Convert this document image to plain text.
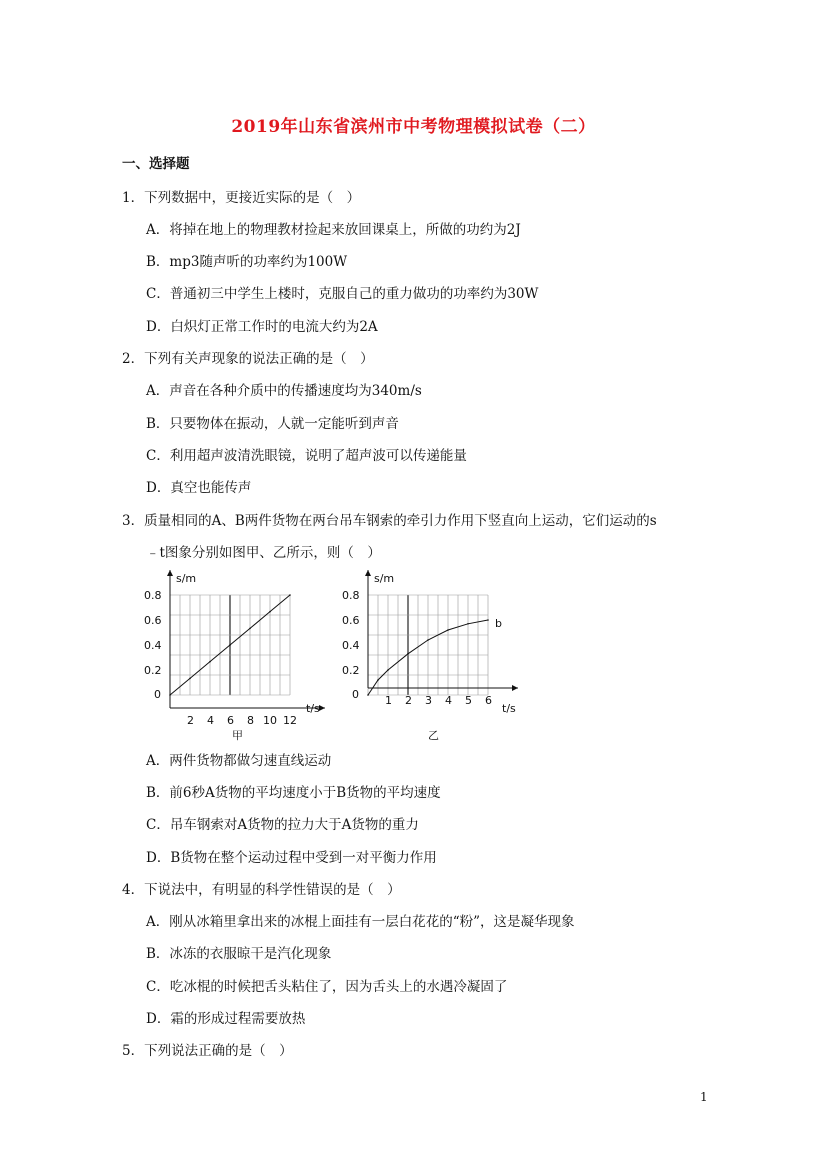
2019年山东省滨州市中考物理模拟试卷（二）
一、选择题
1．下列数据中，更接近实际的是（　）
A．将掉在地上的物理教材捡起来放回课桌上，所做的功约为2J
B．mp3随声听的功率约为100W
C．普通初三中学生上楼时，克服自己的重力做功的功率约为30W
D．白炽灯正常工作时的电流大约为2A
2．下列有关声现象的说法正确的是（　）
A．声音在各种介质中的传播速度均为340m/s
B．只要物体在振动，人就一定能听到声音
C．利用超声波清洗眼镜，说明了超声波可以传递能量
D．真空也能传声
3．质量相同的A、B两件货物在两台吊车钢索的牵引力作用下竖直向上运动，它们运动的s
﹣t图象分别如图甲、乙所示，则（　）
2 4 6 8 10 12
0.8
0.6
0.4
0.2
s/m
t/s
0
甲
1 2 3 4 5 6
0.8
0.6
0.4
0.2
s/m
t/s
0
b
乙
A．两件货物都做匀速直线运动
B．前6秒A货物的平均速度小于B货物的平均速度
C．吊车钢索对A货物的拉力大于A货物的重力
D．B货物在整个运动过程中受到一对平衡力作用
4．下说法中，有明显的科学性错误的是（　）
A．刚从冰箱里拿出来的冰棍上面挂有一层白花花的“粉”，这是凝华现象
B．冰冻的衣服晾干是汽化现象
C．吃冰棍的时候把舌头粘住了，因为舌头上的水遇冷凝固了
D．霜的形成过程需要放热
5．下列说法正确的是（　）
1
